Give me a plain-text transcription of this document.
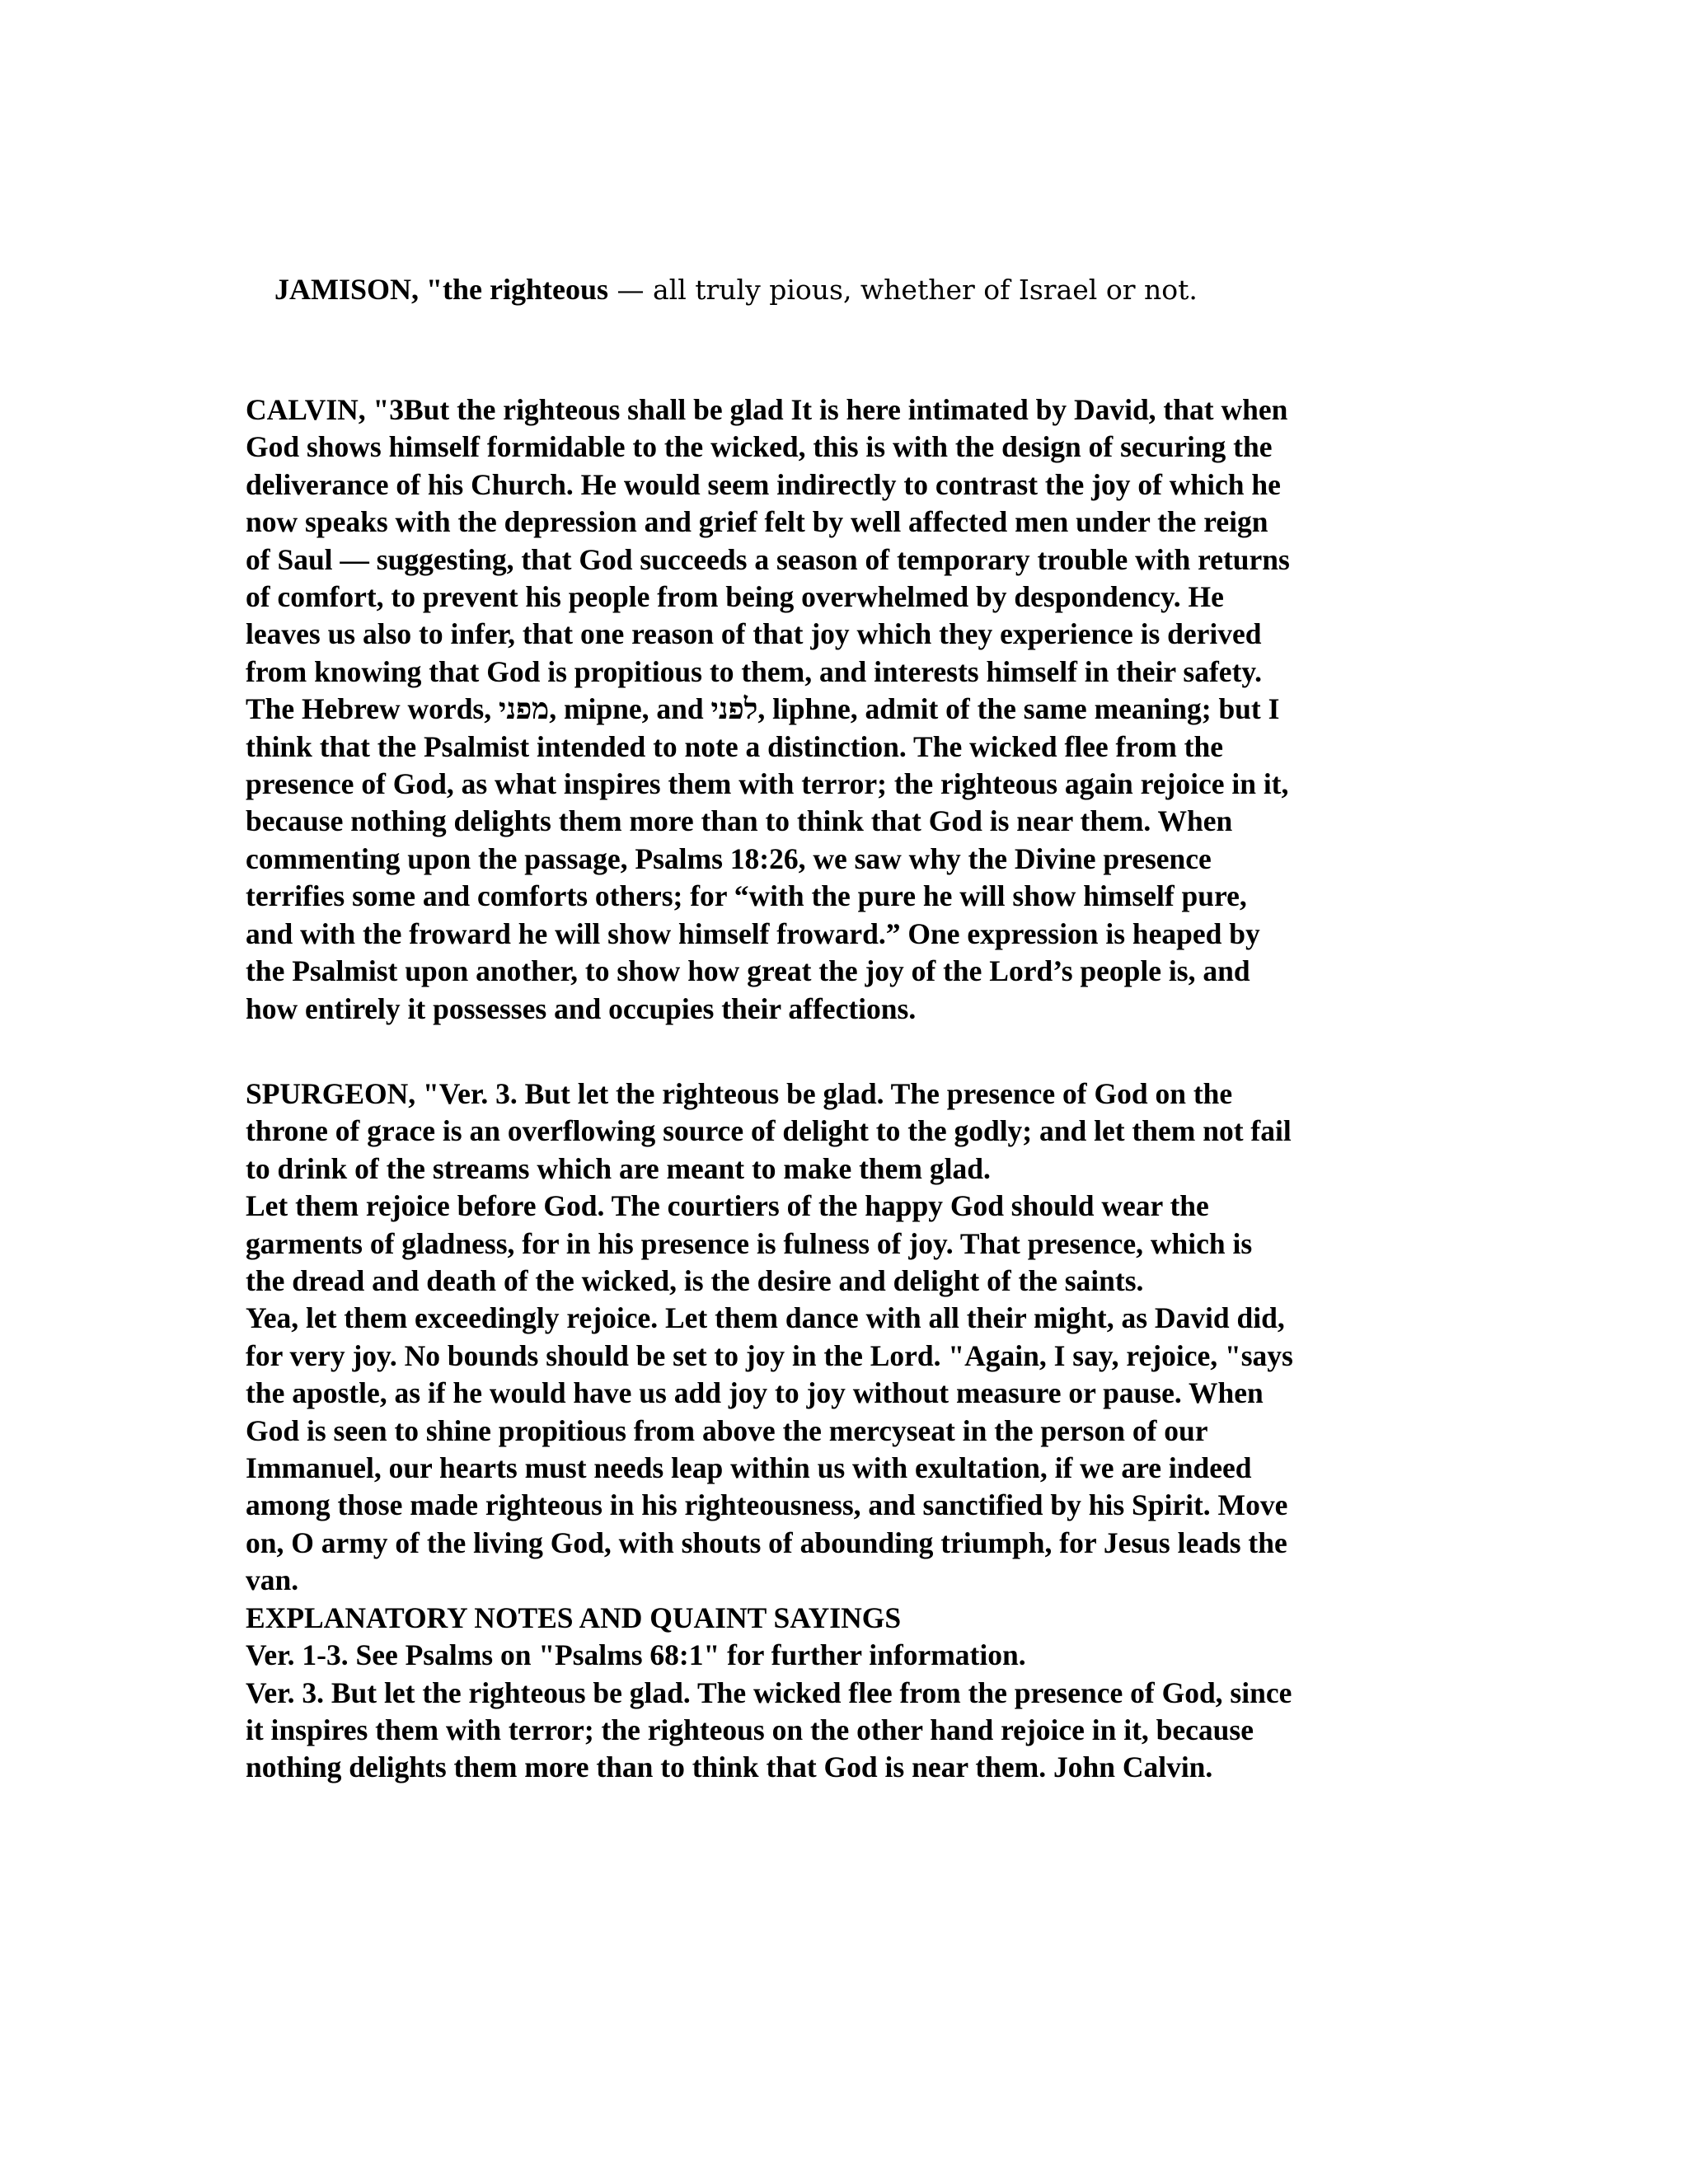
JAMISON, "the righteous — all truly pious, whether of Israel or not.
CALVIN, "3But the righteous shall be glad It is here intimated by David, that when
God shows himself formidable to the wicked, this is with the design of securing the
deliverance of his Church. He would seem indirectly to contrast the joy of which he
now speaks with the depression and grief felt by well affected men under the reign
of Saul — suggesting, that God succeeds a season of temporary trouble with returns
of comfort, to prevent his people from being overwhelmed by despondency. He
leaves us also to infer, that one reason of that joy which they experience is derived
from knowing that God is propitious to them, and interests himself in their safety.
The Hebrew words, מפני, mipne, and לפני, liphne, admit of the same meaning; but I
think that the Psalmist intended to note a distinction. The wicked flee from the
presence of God, as what inspires them with terror; the righteous again rejoice in it,
because nothing delights them more than to think that God is near them. When
commenting upon the passage, Psalms 18:26, we saw why the Divine presence
terrifies some and comforts others; for “with the pure he will show himself pure,
and with the froward he will show himself froward.” One expression is heaped by
the Psalmist upon another, to show how great the joy of the Lord’s people is, and
how entirely it possesses and occupies their affections.
SPURGEON, "Ver. 3. But let the righteous be glad. The presence of God on the
throne of grace is an overflowing source of delight to the godly; and let them not fail
to drink of the streams which are meant to make them glad.
Let them rejoice before God. The courtiers of the happy God should wear the
garments of gladness, for in his presence is fulness of joy. That presence, which is
the dread and death of the wicked, is the desire and delight of the saints.
Yea, let them exceedingly rejoice. Let them dance with all their might, as David did,
for very joy. No bounds should be set to joy in the Lord. "Again, I say, rejoice, "says
the apostle, as if he would have us add joy to joy without measure or pause. When
God is seen to shine propitious from above the mercyseat in the person of our
Immanuel, our hearts must needs leap within us with exultation, if we are indeed
among those made righteous in his righteousness, and sanctified by his Spirit. Move
on, O army of the living God, with shouts of abounding triumph, for Jesus leads the
van.
EXPLANATORY NOTES AND QUAINT SAYINGS
Ver. 1-3. See Psalms on "Psalms 68:1" for further information.
Ver. 3. But let the righteous be glad. The wicked flee from the presence of God, since
it inspires them with terror; the righteous on the other hand rejoice in it, because
nothing delights them more than to think that God is near them. John Calvin.
